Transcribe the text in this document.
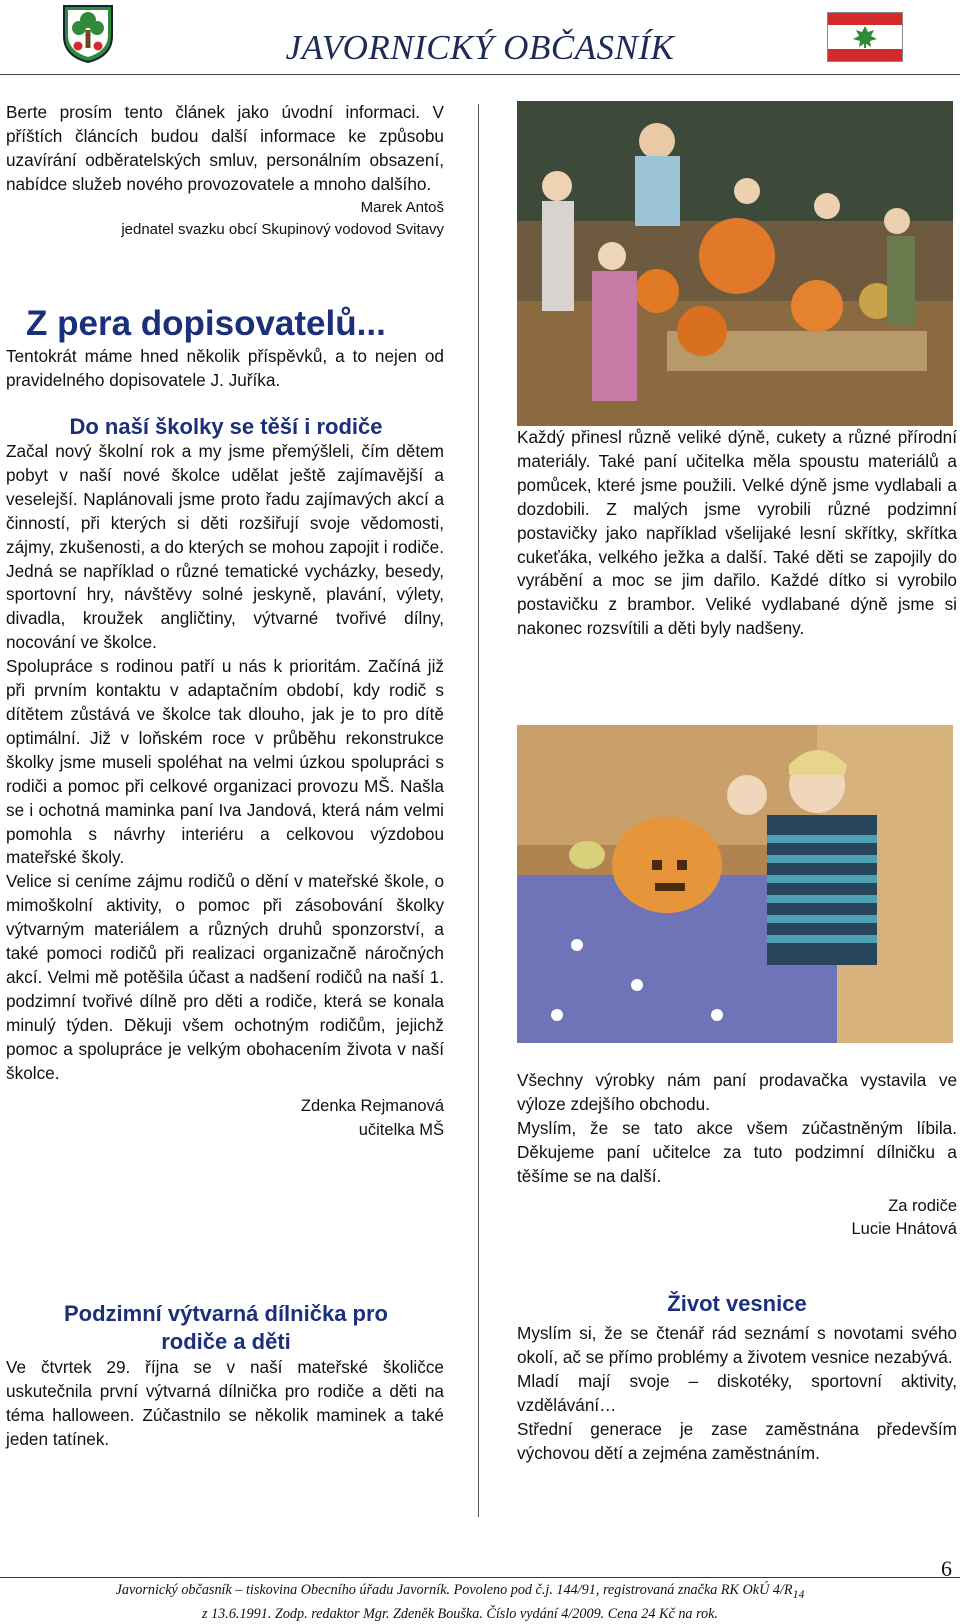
JAVORNICKÝ OBČASNÍK

Berte prosím tento článek jako úvodní informaci. V příštích článcích budou další informace ke způsobu uzavírání odběratelských smluv, personálním obsazení, nabídce služeb nového provozovatele a mnoho dalšího.

Marek Antoš
jednatel svazku obcí Skupinový vodovod Svitavy
Z pera dopisovatelů...

Tentokrát máme hned několik příspěvků, a to nejen od pravidelného dopisovatele J. Juříka.

Do naší školky se těší i rodiče

Začal nový školní rok a my jsme přemýšleli, čím dětem pobyt v naší nové školce udělat ještě zajímavější a veselejší. Naplánovali jsme proto řadu zajímavých akcí a činností, při kterých si děti rozšiřují svoje vědomosti, zájmy, zkušenosti, a do kterých se mohou zapojit i rodiče. Jedná se například o různé tematické vycházky, besedy, sportovní hry, návštěvy solné jeskyně, plavání, výlety, divadla, kroužek angličtiny, výtvarné tvořivé dílny, nocování ve školce.

Spolupráce s rodinou patří u nás k prioritám. Začíná již při prvním kontaktu v adaptačním období, kdy rodič s dítětem zůstává ve školce tak dlouho, jak je to pro dítě optimální. Již v loňském roce v průběhu rekonstrukce školky jsme museli spoléhat na velmi úzkou spolupráci s rodiči a pomoc při celkové organizaci provozu MŠ. Našla se i ochotná maminka paní Iva Jandová, která nám velmi pomohla s návrhy interiéru a celkovou výzdobou mateřské školy.

Velice si ceníme zájmu rodičů o dění v mateřské škole, o mimoškolní aktivity, o pomoc při zásobování školky výtvarným materiálem a různých druhů sponzorství, a také pomoci rodičů při realizaci organizačně náročných akcí. Velmi mě potěšila účast a nadšení rodičů na naší 1. podzimní tvořivé dílně pro děti a rodiče, která se konala minulý týden. Děkuji všem ochotným rodičům, jejichž pomoc a spolupráce je velkým obohacením života v naší školce.

Zdenka Rejmanová
učitelka MŠ
Podzimní výtvarná dílnička pro
rodiče a děti

Ve čtvrtek 29. října se v naší mateřské školičce uskutečnila první výtvarná dílnička pro rodiče a děti na téma halloween. Zúčastnilo se několik maminek a také jeden tatínek.

Každý přinesl různě veliké dýně, cukety a různé přírodní materiály. Také paní učitelka měla spoustu materiálů a pomůcek, které jsme použili. Velké dýně jsme vydlabali a dozdobili. Z malých jsme vyrobili různé podzimní postavičky jako například všelijaké lesní skřítky, skřítka cukeťáka, velkého ježka a další. Také děti se zapojily do vyrábění a moc se jim dařilo. Každé dítko si vyrobilo postavičku z brambor. Veliké vydlabané dýně jsme si nakonec rozsvítili a děti byly nadšeny.

Všechny výrobky nám paní prodavačka vystavila ve výloze zdejšího obchodu.

Myslím, že se tato akce všem zúčastněným líbila. Děkujeme paní učitelce za tuto podzimní dílničku a těšíme se na další.

Za rodiče
Lucie Hnátová
Život vesnice

Myslím si, že se čtenář rád seznámí s novotami svého okolí, ač se přímo problémy a životem vesnice nezabývá.

Mladí mají svoje – diskotéky, sportovní aktivity, vzdělávání…

Střední generace je zase zaměstnána především výchovou dětí a zejména zaměstnáním.

6
Javornický občasník – tiskovina Obecního úřadu Javorník. Povoleno pod č.j. 144/91, registrovaná značka RK OkÚ $4/R_{14}$
z 13.6.1991. Zodp. redaktor Mgr. Zdeněk Bouška. Číslo vydání 4/2009. Cena 24 Kč na rok.
